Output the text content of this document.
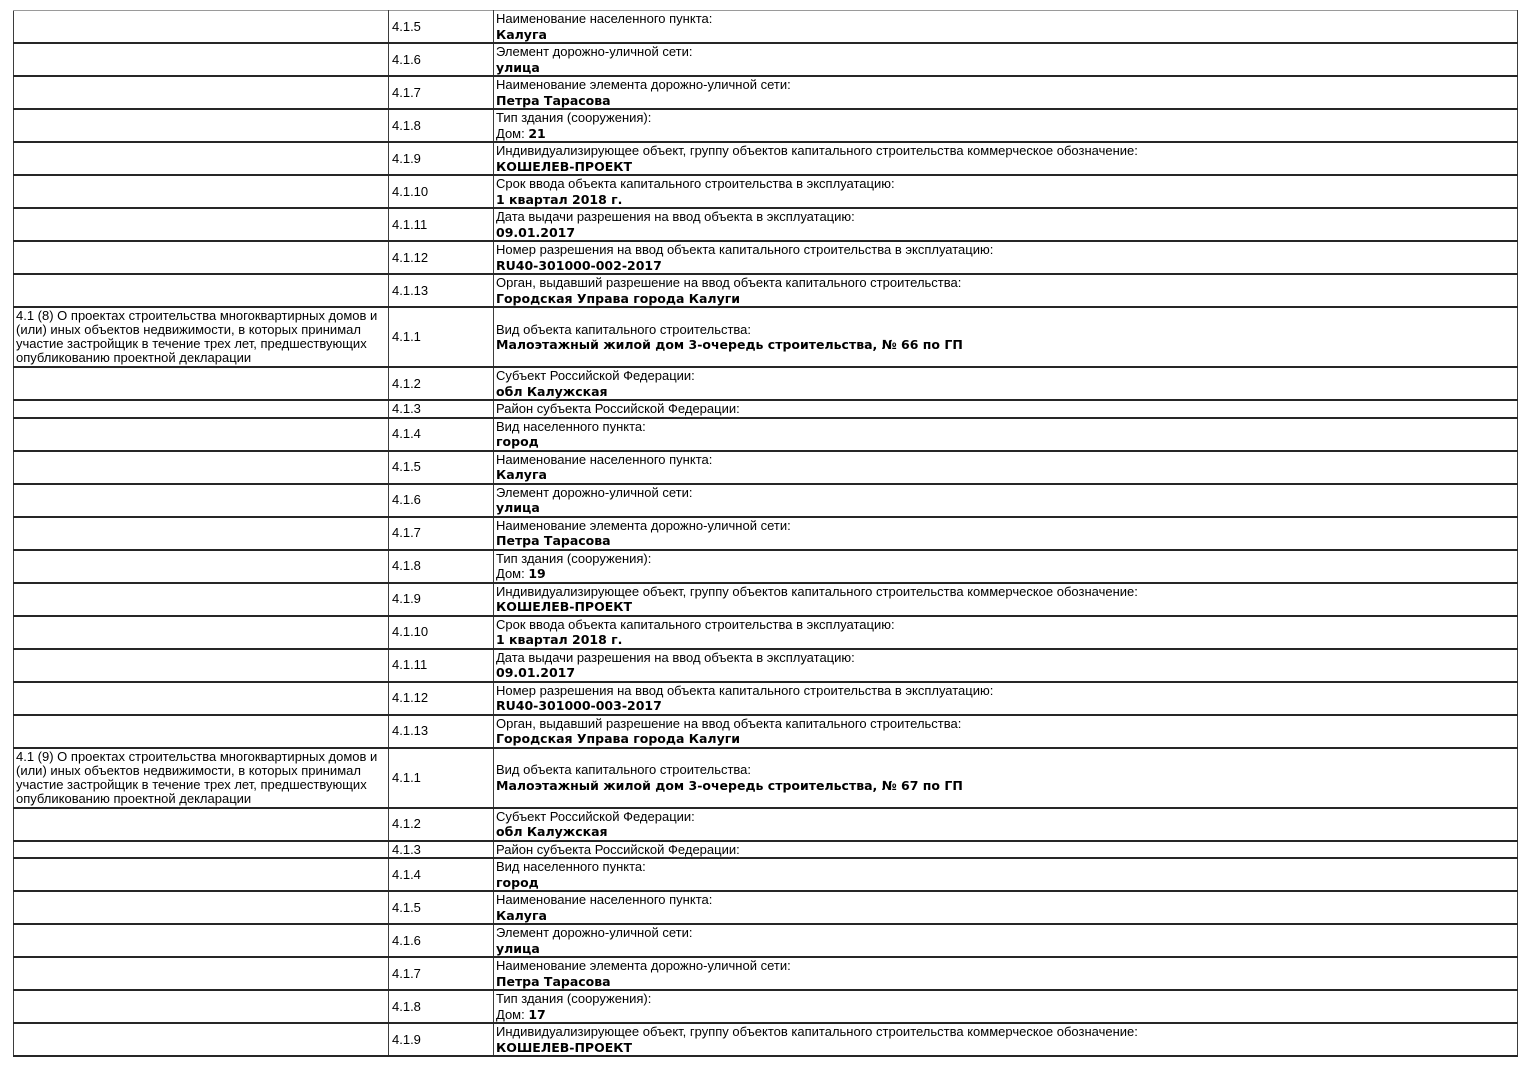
	4.1.5	Наименование населенного пункта:
Калуга

	4.1.6	Элемент дорожно-уличной сети:
улица

	4.1.7	Наименование элемента дорожно-уличной сети:
Петра Тарасова

	4.1.8	Тип здания (сооружения):
Дом: 21

	4.1.9	Индивидуализирующее объект, группу объектов капитального строительства коммерческое обозначение:
КОШЕЛЕВ-ПРОЕКТ

	4.1.10	Срок ввода объекта капитального строительства в эксплуатацию:
1 квартал 2018 г.

	4.1.11	Дата выдачи разрешения на ввод объекта в эксплуатацию:
09.01.2017

	4.1.12	Номер разрешения на ввод объекта капитального строительства в эксплуатацию:
RU40-301000-002-2017

	4.1.13	Орган, выдавший разрешение на ввод объекта капитального строительства:
Городская Управа города Калуги

4.1 (8) О проектах строительства многоквартирных домов и (или) иных объектов недвижимости, в которых принимал участие застройщик в течение трех лет, предшествующих опубликованию проектной декларации	4.1.1	Вид объекта капитального строительства:
Малоэтажный жилой дом 3-очередь строительства, № 66 по ГП

	4.1.2	Субъект Российской Федерации:
обл Калужская

	4.1.3	Район субъекта Российской Федерации:

	4.1.4	Вид населенного пункта:
город

	4.1.5	Наименование населенного пункта:
Калуга

	4.1.6	Элемент дорожно-уличной сети:
улица

	4.1.7	Наименование элемента дорожно-уличной сети:
Петра Тарасова

	4.1.8	Тип здания (сооружения):
Дом: 19

	4.1.9	Индивидуализирующее объект, группу объектов капитального строительства коммерческое обозначение:
КОШЕЛЕВ-ПРОЕКТ

	4.1.10	Срок ввода объекта капитального строительства в эксплуатацию:
1 квартал 2018 г.

	4.1.11	Дата выдачи разрешения на ввод объекта в эксплуатацию:
09.01.2017

	4.1.12	Номер разрешения на ввод объекта капитального строительства в эксплуатацию:
RU40-301000-003-2017

	4.1.13	Орган, выдавший разрешение на ввод объекта капитального строительства:
Городская Управа города Калуги

4.1 (9) О проектах строительства многоквартирных домов и (или) иных объектов недвижимости, в которых принимал участие застройщик в течение трех лет, предшествующих опубликованию проектной декларации	4.1.1	Вид объекта капитального строительства:
Малоэтажный жилой дом 3-очередь строительства, № 67 по ГП

	4.1.2	Субъект Российской Федерации:
обл Калужская

	4.1.3	Район субъекта Российской Федерации:

	4.1.4	Вид населенного пункта:
город

	4.1.5	Наименование населенного пункта:
Калуга

	4.1.6	Элемент дорожно-уличной сети:
улица

	4.1.7	Наименование элемента дорожно-уличной сети:
Петра Тарасова

	4.1.8	Тип здания (сооружения):
Дом: 17

	4.1.9	Индивидуализирующее объект, группу объектов капитального строительства коммерческое обозначение:
КОШЕЛЕВ-ПРОЕКТ
